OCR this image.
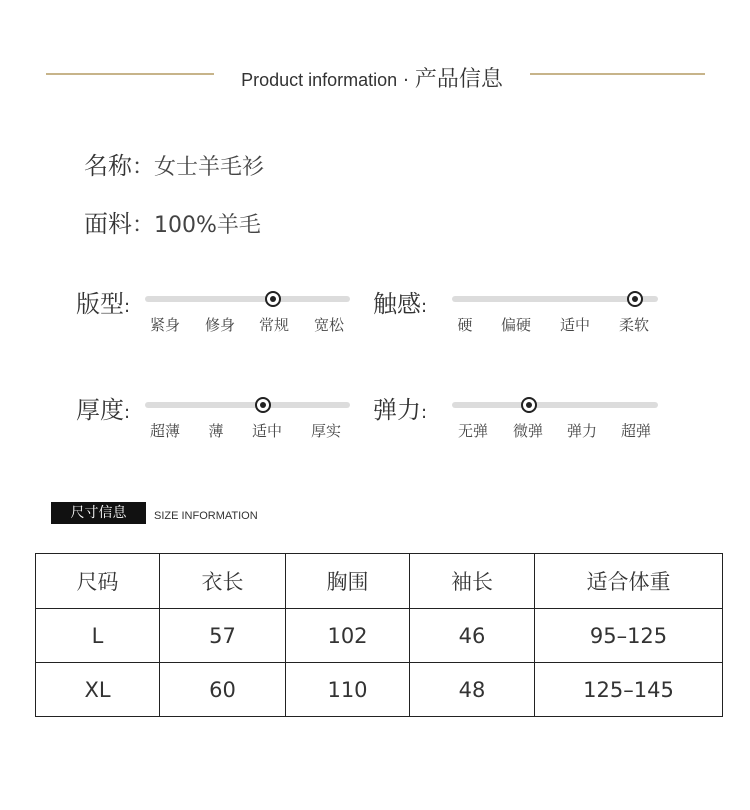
Product information · 产品信息
名称：女士羊毛衫
面料：100%羊毛
版型:
紧身 修身 常规 宽松
触感:
硬 偏硬 适中 柔软
厚度:
超薄 薄 适中 厚实
弹力:
无弹 微弹 弹力 超弹
尺寸信息	SIZE INFORMATION
尺码	衣长	胸围	袖长	适合体重
L	57	102	46	95–125
XL	60	110	48	125–145
